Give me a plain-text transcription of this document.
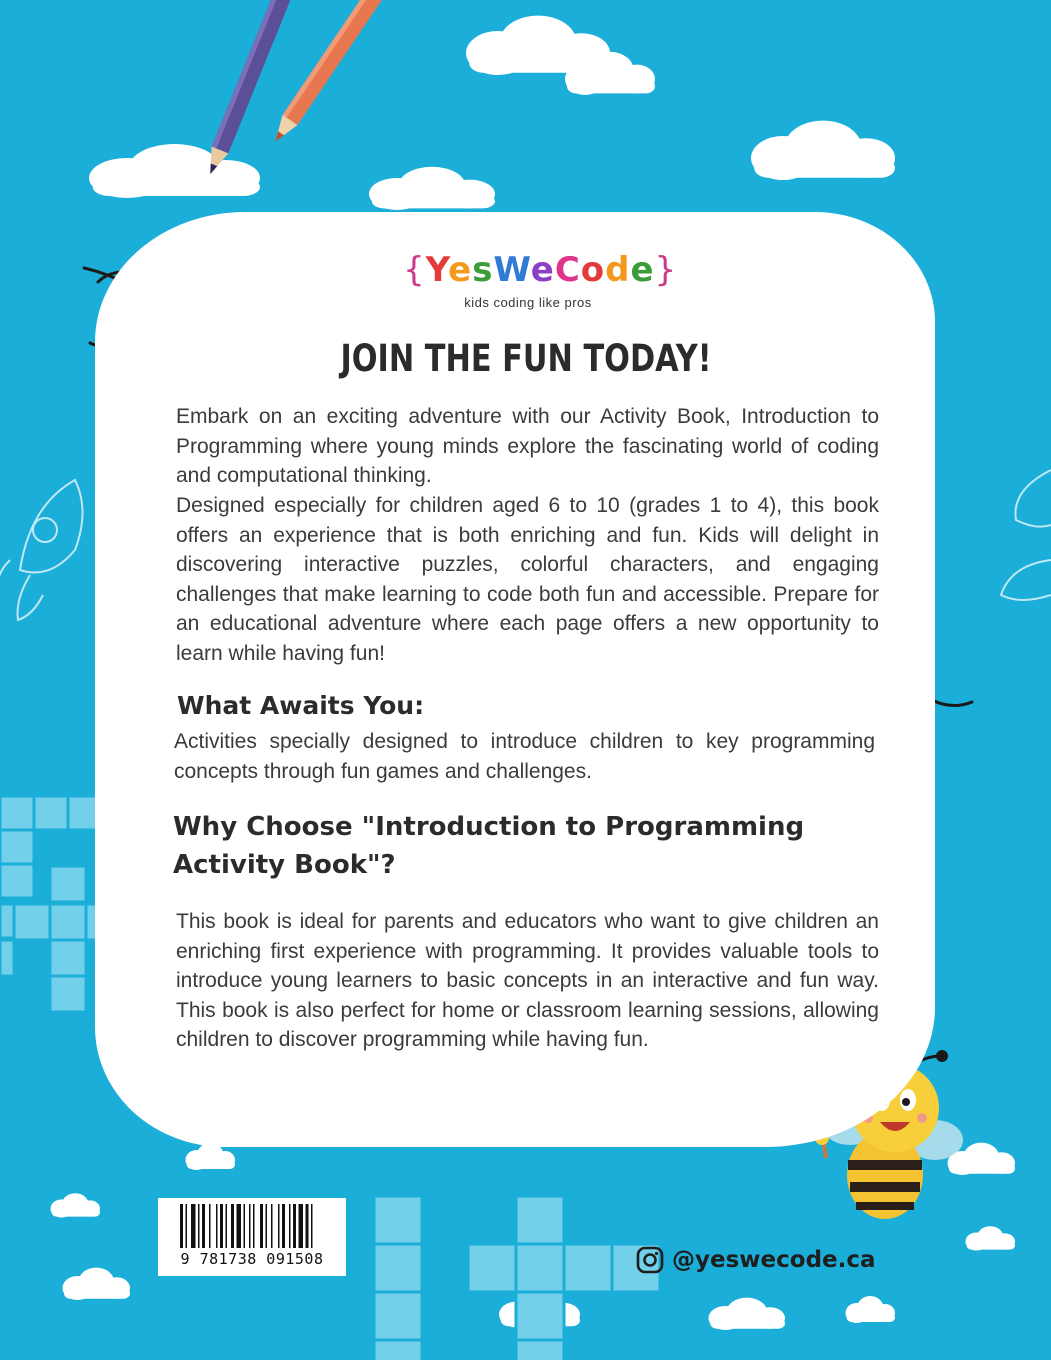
{YesWeCode}
kids coding like pros
JOIN THE FUN TODAY!

Embark on an exciting adventure with our Activity Book, Introduction to Programming where young minds explore the fascinating world of coding and computational thinking.

Designed especially for children aged 6 to 10 (grades 1 to 4), this book offers an experience that is both enriching and fun. Kids will delight in discovering interactive puzzles, colorful characters, and engaging challenges that make learning to code both fun and accessible. Prepare for an educational adventure where each page offers a new opportunity to learn while having fun!

What Awaits You:

Activities specially designed to introduce children to key programming concepts through fun games and challenges.

Why Choose "Introduction to Programming Activity Book"?

This book is ideal for parents and educators who want to give children an enriching first experience with programming. It provides valuable tools to introduce young learners to basic concepts in an interactive and fun way. This book is also perfect for home or classroom learning sessions, allowing children to discover programming while having fun.

9 781738 091508	@yeswecode.ca
